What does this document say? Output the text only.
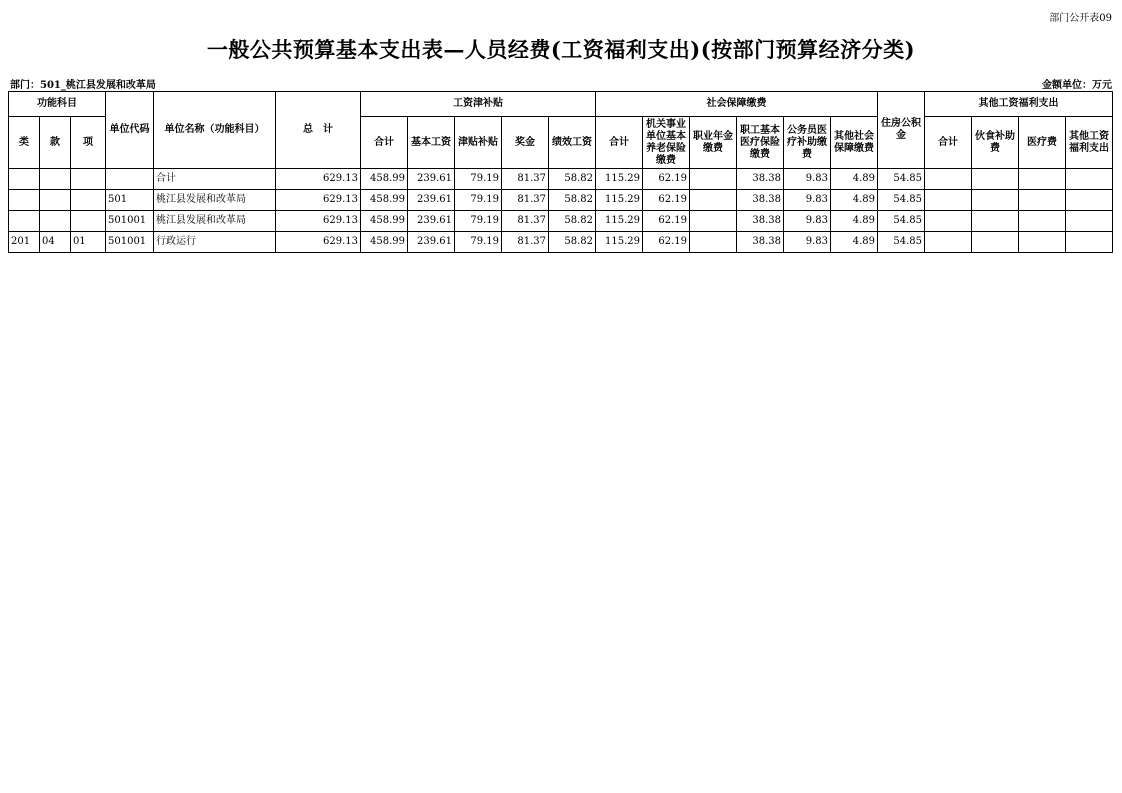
部门公开表09
一般公共预算基本支出表—人员经费(工资福利支出)(按部门预算经济分类)
部门：501_桃江县发展和改革局	金额单位：万元
功能科目			单位代码	单位名称（功能科目）	总　计	工资津补贴					社会保障缴费						住房公积金	其他工资福利支出			
类	款	项				合计	基本工资	津贴补贴	奖金	绩效工资	合计	机关事业单位基本养老保险缴费	职业年金缴费	职工基本医疗保险缴费	公务员医疗补助缴费	其他社会保障缴费		合计	伙食补助费	医疗费	其他工资福利支出
				合计	629.13	458.99	239.61	79.19	81.37	58.82	115.29	62.19		38.38	9.83	4.89	54.85				
			501	桃江县发展和改革局	629.13	458.99	239.61	79.19	81.37	58.82	115.29	62.19		38.38	9.83	4.89	54.85				
			501001	桃江县发展和改革局	629.13	458.99	239.61	79.19	81.37	58.82	115.29	62.19		38.38	9.83	4.89	54.85				
201	04	01	501001	行政运行	629.13	458.99	239.61	79.19	81.37	58.82	115.29	62.19		38.38	9.83	4.89	54.85				
